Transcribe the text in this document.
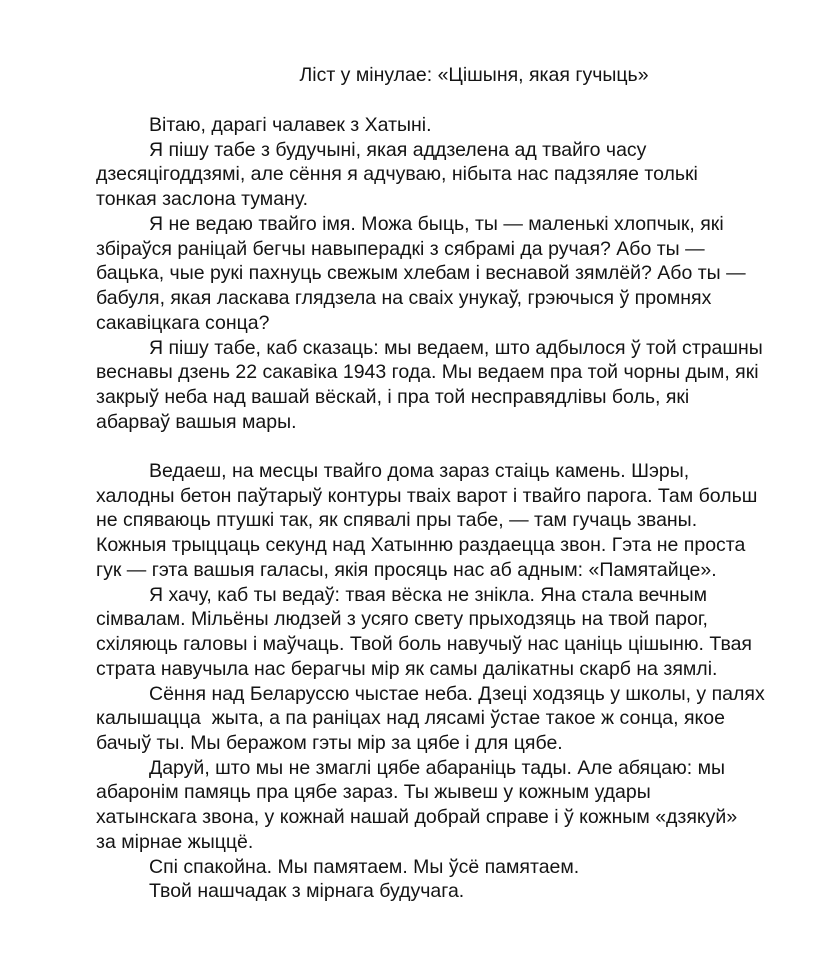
Ліст у мінулае: «Цішыня, якая гучыць»
Вітаю, дарагі чалавек з Хатыні.
Я пішу табе з будучыні, якая аддзелена ад твайго часу
дзесяцігоддзямі, але сёння я адчуваю, нібыта нас падзяляе толькі
тонкая заслона туману.
Я не ведаю твайго імя. Можа быць, ты — маленькі хлопчык, які
збіраўся раніцай бегчы навыперадкі з сябрамі да ручая? Або ты —
бацька, чые рукі пахнуць свежым хлебам і веснавой зямлёй? Або ты —
бабуля, якая ласкава глядзела на сваіх унукаў, грэючыся ў промнях
сакавіцкага сонца?
Я пішу табе, каб сказаць: мы ведаем, што адбылося ў той страшны
веснавы дзень 22 сакавіка 1943 года. Мы ведаем пра той чорны дым, які
закрыў неба над вашай вёскай, і пра той несправядлівы боль, які
абарваў вашыя мары.
Ведаеш, на месцы твайго дома зараз стаіць камень. Шэры,
халодны бетон паўтарыў контуры тваіх варот і твайго парога. Там больш
не спяваюць птушкі так, як спявалі пры табе, — там гучаць званы.
Кожныя трыццаць секунд над Хатынню раздаецца звон. Гэта не проста
гук — гэта вашыя галасы, якія просяць нас аб адным: «Памятайце».
Я хачу, каб ты ведаў: твая вёска не знікла. Яна стала вечным
сімвалам. Мільёны людзей з усяго свету прыходзяць на твой парог,
схіляюць галовы і маўчаць. Твой боль навучыў нас цаніць цішыню. Твая
страта навучыла нас берагчы мір як самы далікатны скарб на зямлі.
Сёння над Беларуссю чыстае неба. Дзеці ходзяць у школы, у палях
калышацца  жыта, а па раніцах над лясамі ўстае такое ж сонца, якое
бачыў ты. Мы беражом гэты мір за цябе і для цябе.
Даруй, што мы не змаглі цябе абараніць тады. Але абяцаю: мы
абаронім памяць пра цябе зараз. Ты жывеш у кожным удары
хатынскага звона, у кожнай нашай добрай справе і ў кожным «дзякуй»
за мірнае жыццё.
Спі спакойна. Мы памятаем. Мы ўсё памятаем.
Твой нашчадак з мірнага будучага.
